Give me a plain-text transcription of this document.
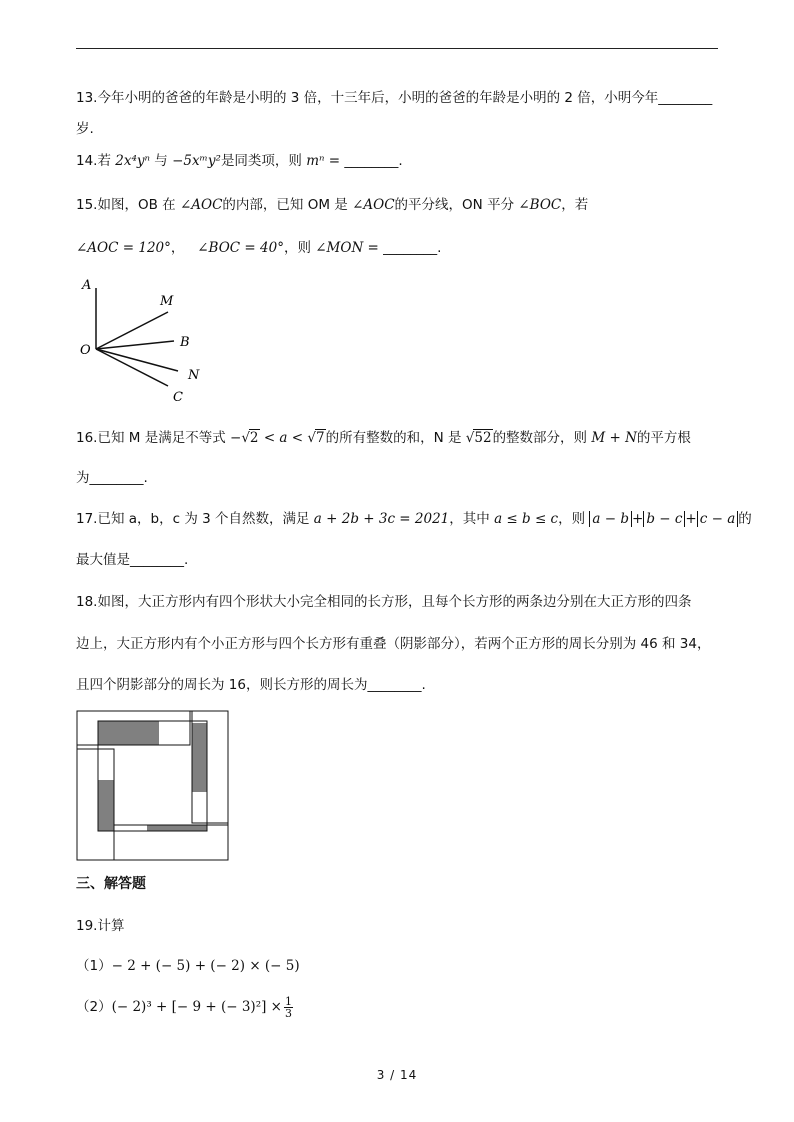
13.今年小明的爸爸的年龄是小明的 3 倍，十三年后，小明的爸爸的年龄是小明的 2 倍，小明今年________
岁.
14.若 2x⁴yⁿ 与 −5xᵐy²是同类项，则 mⁿ = ________.
15.如图，OB 在 ∠AOC的内部，已知 OM 是 ∠AOC的平分线，ON 平分 ∠BOC，若
∠AOC = 120°， ∠BOC = 40°，则 ∠MON = ________.
A
M
B
O
N
C
16.已知 M 是满足不等式 −√2 < a < √7的所有整数的和，N 是 √52的整数部分，则 M + N的平方根
为________.
17.已知 a，b，c 为 3 个自然数，满足 a + 2b + 3c = 2021，其中 a ≤ b ≤ c，则 a − b + b − c + c − a 的
最大值是________.
18.如图，大正方形内有四个形状大小完全相同的长方形，且每个长方形的两条边分别在大正方形的四条
边上，大正方形内有个小正方形与四个长方形有重叠（阴影部分），若两个正方形的周长分别为 46 和 34，
且四个阴影部分的周长为 16，则长方形的周长为________.
三、解答题
19.计算
（1）− 2 + (− 5) + (− 2) × (− 5)
（2）(− 2)³ + [− 9 + (− $3)^2] \times \frac{1}{3}$
3 / 14
